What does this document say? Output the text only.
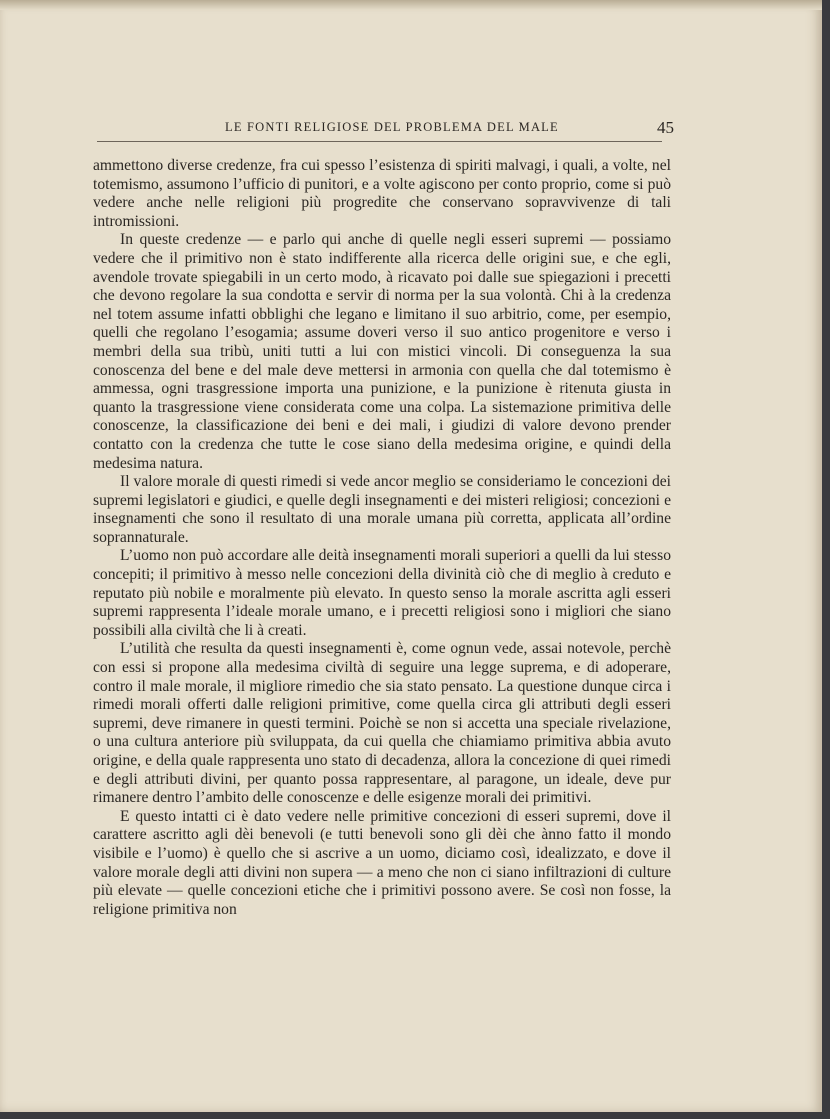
LE FONTI RELIGIOSE DEL PROBLEMA DEL MALE	45

ammettono diverse credenze, fra cui spesso l’esistenza di spiriti malvagi, i quali, a volte, nel totemismo, assumono l’ufficio di punitori, e a volte agiscono per conto proprio, come si può vedere anche nelle religioni più progredite che conservano sopravvivenze di tali intromissioni.

In queste credenze — e parlo qui anche di quelle negli esseri supremi — possiamo vedere che il primitivo non è stato indifferente alla ricerca delle origini sue, e che egli, avendole trovate spiegabili in un certo modo, à ricavato poi dalle sue spiegazioni i precetti che devono regolare la sua condotta e servir di norma per la sua volontà. Chi à la credenza nel totem assume infatti obblighi che legano e limitano il suo arbitrio, come, per esempio, quelli che regolano l’esogamia; assume doveri verso il suo antico progenitore e verso i membri della sua tribù, uniti tutti a lui con mistici vincoli. Di conseguenza la sua conoscenza del bene e del male deve mettersi in armonia con quella che dal totemismo è ammessa, ogni trasgressione importa una punizione, e la punizione è ritenuta giusta in quanto la trasgressione viene considerata come una colpa. La sistemazione primitiva delle conoscenze, la classificazione dei beni e dei mali, i giudizi di valore devono prender contatto con la credenza che tutte le cose siano della medesima origine, e quindi della medesima natura.

Il valore morale di questi rimedi si vede ancor meglio se consideriamo le concezioni dei supremi legislatori e giudici, e quelle degli insegnamenti e dei misteri religiosi; concezioni e insegnamenti che sono il resultato di una morale umana più corretta, applicata all’ordine soprannaturale.

L’uomo non può accordare alle deità insegnamenti morali superiori a quelli da lui stesso concepiti; il primitivo à messo nelle concezioni della divinità ciò che di meglio à creduto e reputato più nobile e moralmente più elevato. In questo senso la morale ascritta agli esseri supremi rappresenta l’ideale morale umano, e i precetti religiosi sono i migliori che siano possibili alla civiltà che li à creati.

L’utilità che resulta da questi insegnamenti è, come ognun vede, assai notevole, perchè con essi si propone alla medesima civiltà di seguire una legge suprema, e di adoperare, contro il male morale, il migliore rimedio che sia stato pensato. La questione dunque circa i rimedi morali offerti dalle religioni primitive, come quella circa gli attributi degli esseri supremi, deve rimanere in questi termini. Poichè se non si accetta una speciale rivelazione, o una cultura anteriore più sviluppata, da cui quella che chiamiamo primitiva abbia avuto origine, e della quale rappresenta uno stato di decadenza, allora la concezione di quei rimedi e degli attributi divini, per quanto possa rappresentare, al paragone, un ideale, deve pur rimanere dentro l’ambito delle conoscenze e delle esigenze morali dei primitivi.

E questo intatti ci è dato vedere nelle primitive concezioni di esseri supremi, dove il carattere ascritto agli dèi benevoli (e tutti benevoli sono gli dèi che ànno fatto il mondo visibile e l’uomo) è quello che si ascrive a un uomo, diciamo così, idealizzato, e dove il valore morale degli atti divini non supera — a meno che non ci siano infiltrazioni di culture più elevate — quelle concezioni etiche che i primitivi possono avere. Se così non fosse, la religione primitiva non
